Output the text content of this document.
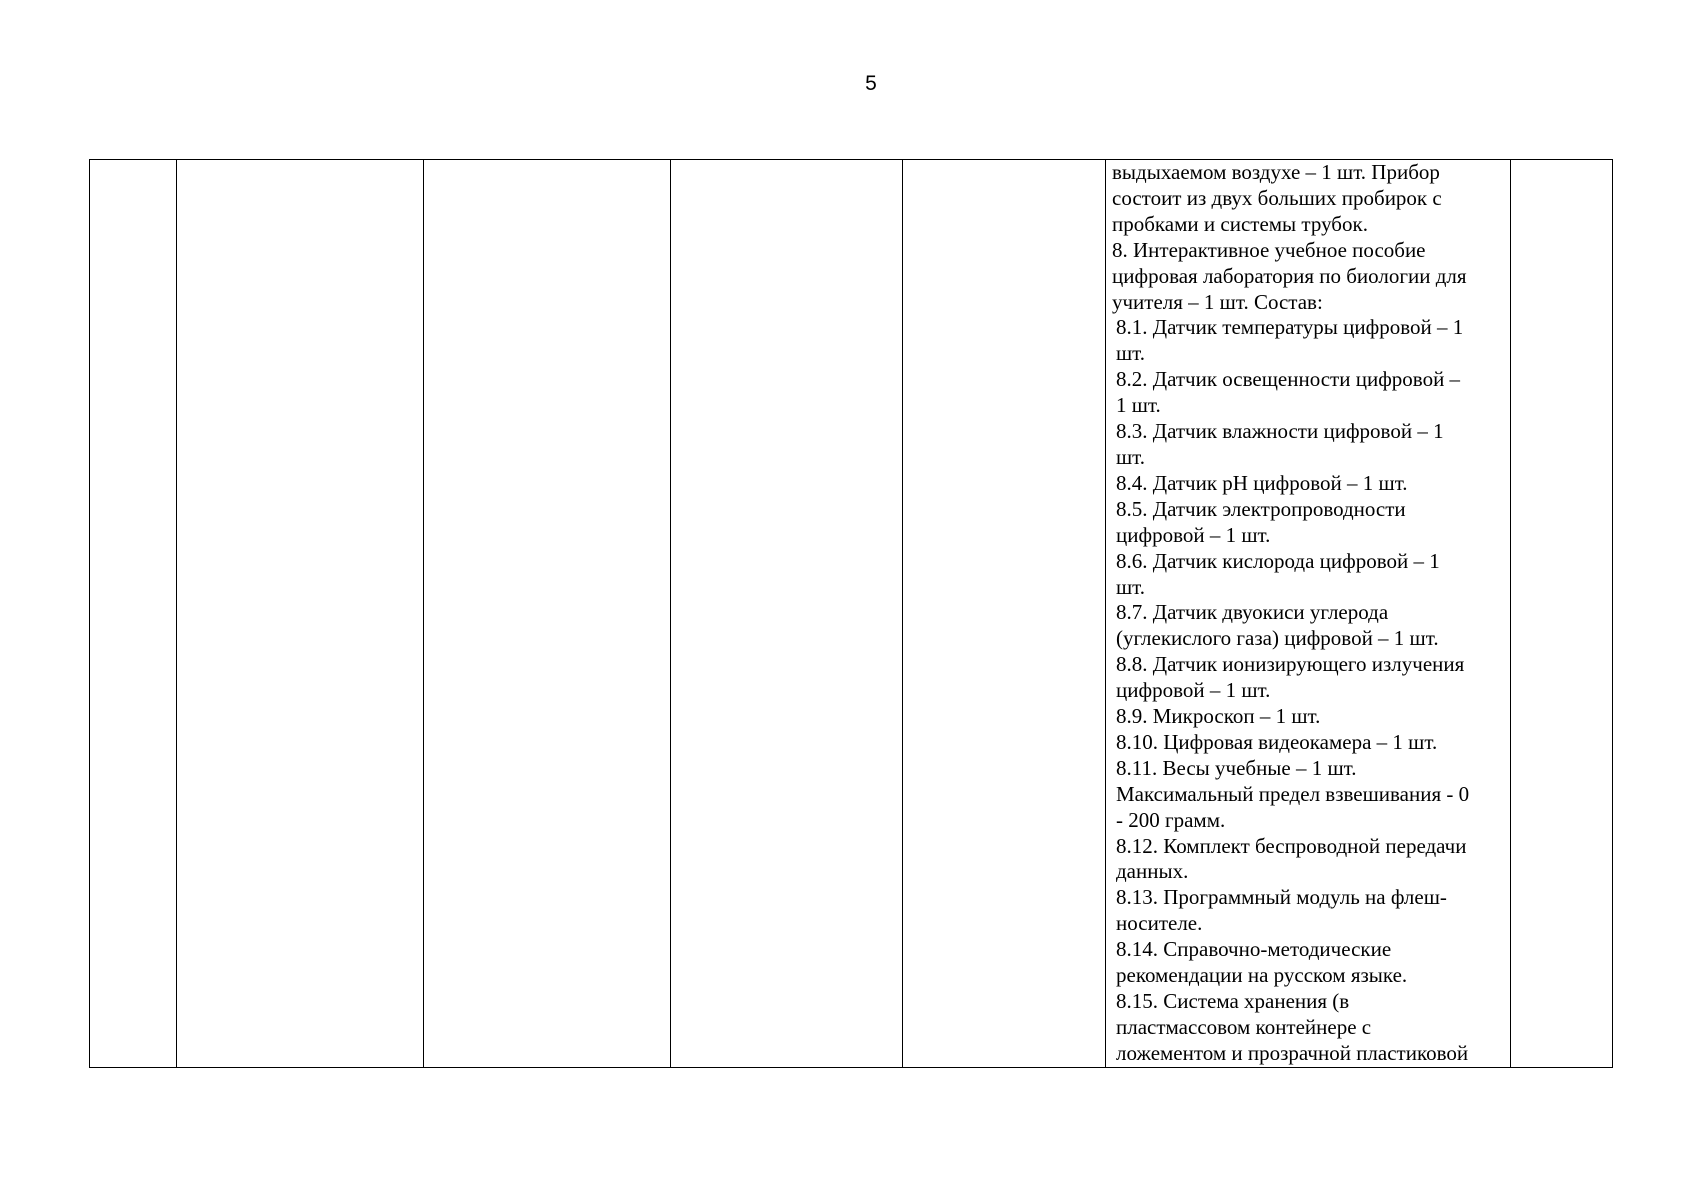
5

выдыхаемом воздухе – 1 шт. Прибор
состоит из двух больших пробирок с
пробками и системы трубок.
8. Интерактивное учебное пособие
цифровая лаборатория по биологии для
учителя – 1 шт. Состав:
8.1. Датчик температуры цифровой – 1
шт.
8.2. Датчик освещенности цифровой –
1 шт.
8.3. Датчик влажности цифровой – 1
шт.
8.4. Датчик pH цифровой – 1 шт.
8.5. Датчик электропроводности
цифровой – 1 шт.
8.6. Датчик кислорода цифровой – 1
шт.
8.7. Датчик двуокиси углерода
(углекислого газа) цифровой – 1 шт.
8.8. Датчик ионизирующего излучения
цифровой – 1 шт.
8.9. Микроскоп – 1 шт.
8.10. Цифровая видеокамера – 1 шт.
8.11. Весы учебные – 1 шт.
Максимальный предел взвешивания - 0
- 200 грамм.
8.12. Комплект беспроводной передачи
данных.
8.13. Программный модуль на флеш-
носителе.
8.14. Справочно-методические
рекомендации на русском языке.
8.15. Система хранения (в
пластмассовом контейнере с
ложементом и прозрачной пластиковой
